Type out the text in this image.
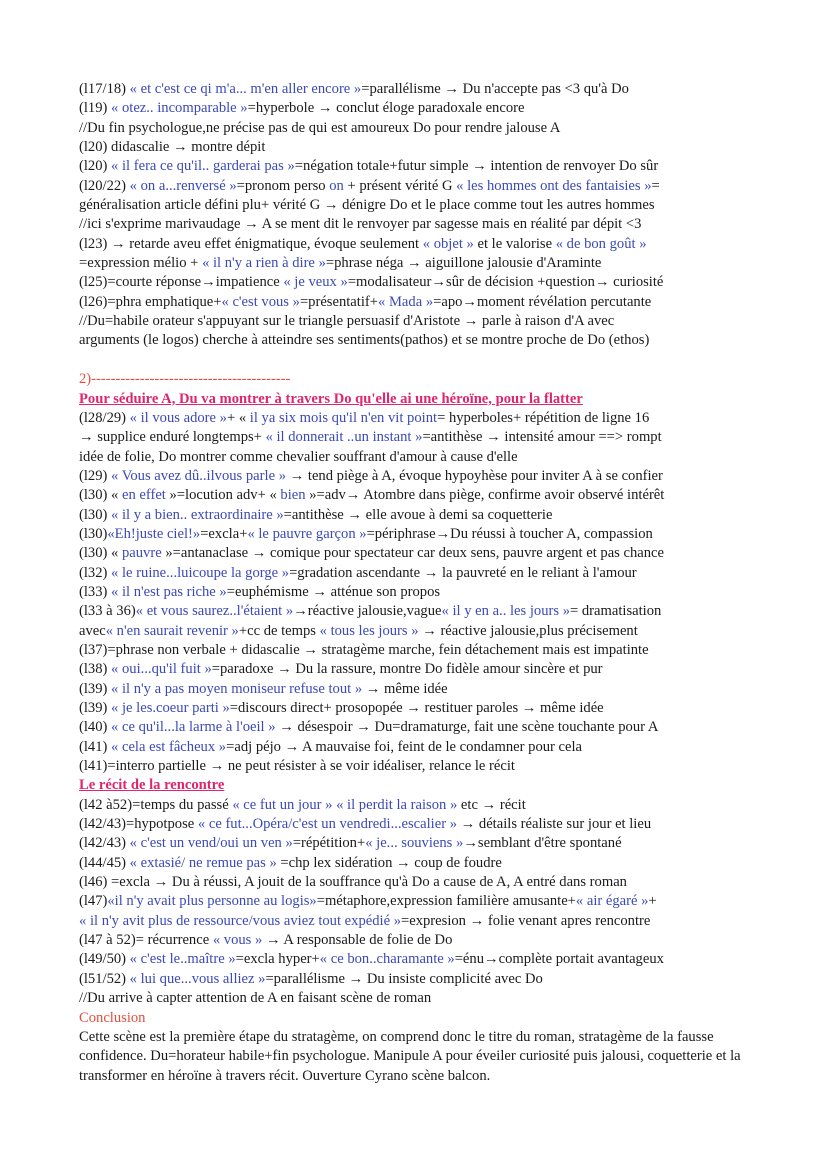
(l17/18) « et c'est ce qi m'a... m'en aller encore »=parallélisme → Du n'accepte pas <3 qu'à Do

(l19) « otez.. incomparable »=hyperbole → conclut éloge paradoxale encore

//Du fin psychologue,ne précise pas de qui est amoureux Do pour rendre jalouse A

(l20) didascalie → montre dépit

(l20) « il fera ce qu'il.. garderai pas »=négation totale+futur simple → intention de renvoyer Do sûr

(l20/22) « on a...renversé »=pronom perso on + présent vérité G « les hommes ont des fantaisies »=

généralisation article défini plu+ vérité G → dénigre Do et le place comme tout les autres hommes

//ici s'exprime marivaudage → A se ment dit le renvoyer par sagesse mais en réalité par dépit <3

(l23) → retarde aveu effet énigmatique, évoque seulement « objet » et le valorise « de bon goût »

=expression mélio + « il n'y a rien à dire »=phrase néga → aiguillone jalousie d'Araminte

(l25)=courte réponse→impatience « je veux »=modalisateur→sûr de décision +question→ curiosité

(l26)=phra emphatique+« c'est vous »=présentatif+« Mada »=apo→moment révélation percutante

//Du=habile orateur s'appuyant sur le triangle persuasif d'Aristote → parle à raison d'A avec

arguments (le logos) cherche à atteindre ses sentiments(pathos) et se montre proche de Do (ethos)

2)-----------------------------------------

Pour séduire A, Du va montrer à travers Do qu'elle ai une héroïne, pour la flatter

(l28/29) « il vous adore »+ « il ya six mois qu'il n'en vit point= hyperboles+ répétition de ligne 16

→ supplice enduré longtemps+ « il donnerait ..un instant »=antithèse → intensité amour ==> rompt

idée de folie, Do montrer comme chevalier souffrant d'amour à cause d'elle

(l29) « Vous avez dû..ilvous parle » → tend piège à A, évoque hypoyhèse pour inviter A à se confier

(l30) « en effet »=locution adv+ « bien »=adv→ Atombre dans piège, confirme avoir observé intérêt

(l30) « il y a bien.. extraordinaire »=antithèse → elle avoue à demi sa coquetterie

(l30)«Eh!juste ciel!»=excla+« le pauvre garçon »=périphrase→Du réussi à toucher A, compassion

(l30) « pauvre »=antanaclase → comique pour spectateur car deux sens, pauvre argent et pas chance

(l32) « le ruine...luicoupe la gorge »=gradation ascendante → la pauvreté en le reliant à l'amour

(l33) « il n'est pas riche »=euphémisme → atténue son propos

(l33 à 36)« et vous saurez..l'étaient »→réactive jalousie,vague« il y en a.. les jours »= dramatisation

avec« n'en saurait revenir »+cc de temps « tous les jours » → réactive jalousie,plus précisement

(l37)=phrase non verbale + didascalie → stratagème marche, fein détachement mais est impatinte

(l38) « oui...qu'il fuit »=paradoxe → Du la rassure, montre Do fidèle amour sincère et pur

(l39) « il n'y a pas moyen moniseur refuse tout » → même idée

(l39) « je les.coeur parti »=discours direct+ prosopopée → restituer paroles → même idée

(l40) « ce qu'il...la larme à l'oeil » → désespoir → Du=dramaturge, fait une scène touchante pour A

(l41) « cela est fâcheux »=adj péjo → A mauvaise foi, feint de le condamner pour cela

(l41)=interro partielle → ne peut résister à se voir idéaliser, relance le récit

Le récit de la rencontre

(l42 à52)=temps du passé « ce fut un jour » « il perdit la raison » etc → récit

(l42/43)=hypotpose « ce fut...Opéra/c'est un vendredi...escalier » → détails réaliste sur jour et lieu

(l42/43) « c'est un vend/oui un ven »=répétition+« je... souviens »→semblant d'être spontané

(l44/45) « extasié/ ne remue pas » =chp lex sidération → coup de foudre

(l46) =excla → Du à réussi, A jouit de la souffrance qu'à Do a cause de A, A entré dans roman

(l47)«il n'y avait plus personne au logis»=métaphore,expression familière amusante+« air égaré »+

« il n'y avit plus de ressource/vous aviez tout expédié »=expresion → folie venant apres rencontre

(l47 à 52)= récurrence « vous » → A responsable de folie de Do

(l49/50) « c'est le..maître »=excla hyper+« ce bon..charamante »=énu→complète portait avantageux

(l51/52) « lui que...vous alliez »=parallélisme → Du insiste complicité avec Do

//Du arrive à capter attention de A en faisant scène de roman

Conclusion

Cette scène est la première étape du stratagème, on comprend donc le titre du roman, stratagème de la fausse confidence. Du=horateur habile+fin psychologue. Manipule A pour éveiler curiosité puis jalousi, coquetterie et la transformer en héroïne à travers récit. Ouverture Cyrano scène balcon.
